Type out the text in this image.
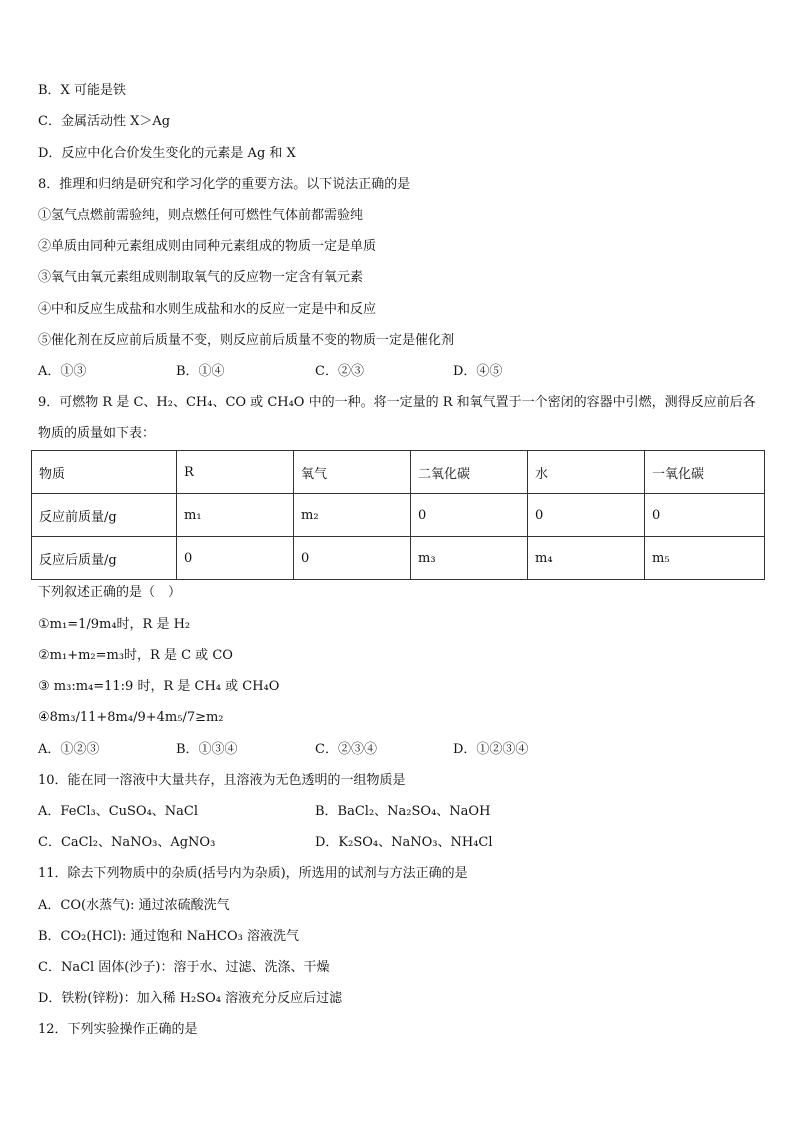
B．X 可能是铁
C．金属活动性 X＞Ag
D．反应中化合价发生变化的元素是 Ag 和 X
8．推理和归纳是研究和学习化学的重要方法。以下说法正确的是
①氢气点燃前需验纯，则点燃任何可燃性气体前都需验纯
②单质由同种元素组成则由同种元素组成的物质一定是单质
③氧气由氧元素组成则制取氧气的反应物一定含有氧元素
④中和反应生成盐和水则生成盐和水的反应一定是中和反应
⑤催化剂在反应前后质量不变，则反应前后质量不变的物质一定是催化剂
A．①③	B．①④	C．②③	D．④⑤
9．可燃物 R 是 C、H₂、CH₄、CO 或 CH₄O 中的一种。将一定量的 R 和氧气置于一个密闭的容器中引燃，测得反应前后各
物质的质量如下表：
物质	R	氧气	二氧化碳	水	一氧化碳
反应前质量/g	m₁	m₂	0	0	0
反应后质量/g	0	0	m₃	m₄	m₅
下列叙述正确的是（　）
①m₁=1/9m₄时，R 是 H₂
②m₁+m₂=m₃时，R 是 C 或 CO
③ m₃:m₄=11:9 时，R 是 CH₄ 或 CH₄O
④8m₃/11+8m₄/9+4m₅/7≥m₂
A．①②③	B．①③④	C．②③④	D．①②③④
10．能在同一溶液中大量共存，且溶液为无色透明的一组物质是
A．FeCl₃、CuSO₄、NaCl	B．BaCl₂、Na₂SO₄、NaOH
C．CaCl₂、NaNO₃、AgNO₃	D．K₂SO₄、NaNO₃、NH₄Cl
11．除去下列物质中的杂质(括号内为杂质)，所选用的试剂与方法正确的是
A．CO(水蒸气): 通过浓硫酸洗气
B．CO₂(HCl): 通过饱和 NaHCO₃ 溶液洗气
C．NaCl 固体(沙子)：溶于水、过滤、洗涤、干燥
D．铁粉(锌粉)：加入稀 H₂SO₄ 溶液充分反应后过滤
12．下列实验操作正确的是
